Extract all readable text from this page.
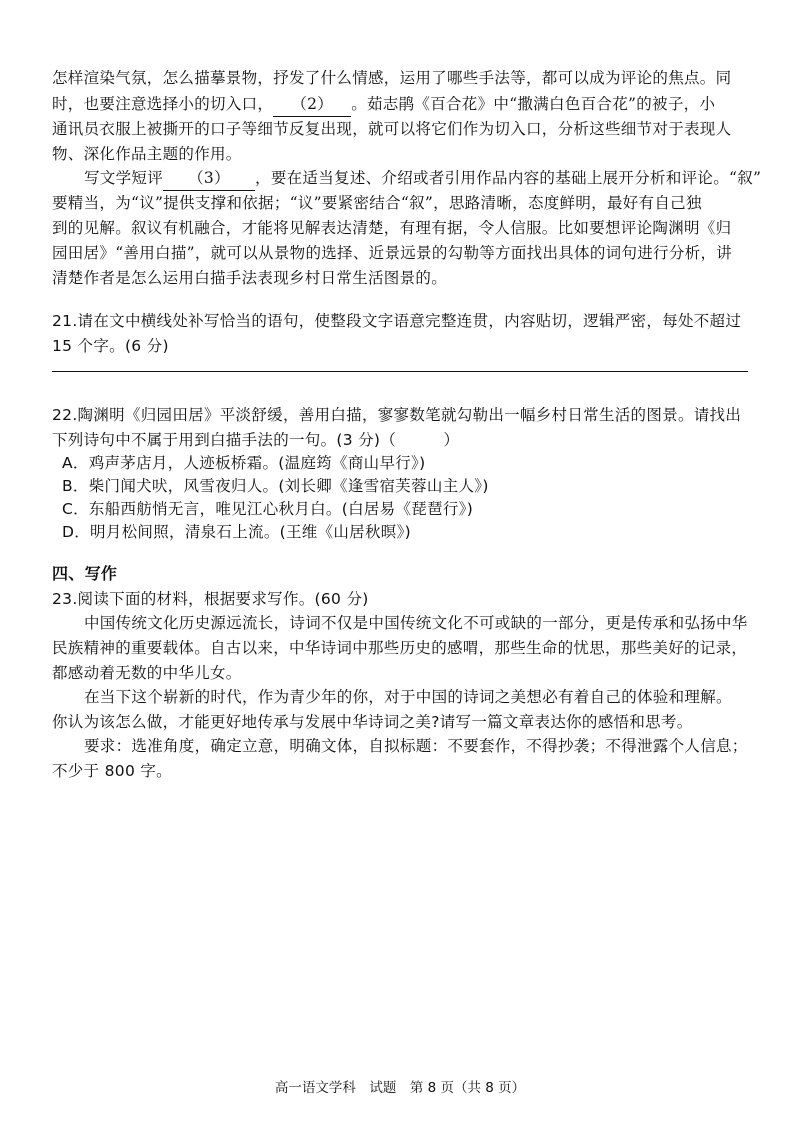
怎样渲染气氛，怎么描摹景物，抒发了什么情感，运用了哪些手法等，都可以成为评论的焦点。同
时，也要注意选择小的切入口， （2） 。茹志鹃《百合花》中“撒满白色百合花”的被子，小
通讯员衣服上被撕开的口子等细节反复出现，就可以将它们作为切入口，分析这些细节对于表现人
物、深化作品主题的作用。
写文学短评 （3） ，要在适当复述、介绍或者引用作品内容的基础上展开分析和评论。“叙”
要精当，为“议”提供支撑和依据；“议”要紧密结合“叙”，思路清晰，态度鲜明，最好有自己独
到的见解。叙议有机融合，才能将见解表达清楚，有理有据，令人信服。比如要想评论陶渊明《归
园田居》“善用白描”，就可以从景物的选择、近景远景的勾勒等方面找出具体的词句进行分析，讲
清楚作者是怎么运用白描手法表现乡村日常生活图景的。
21.请在文中横线处补写恰当的语句，使整段文字语意完整连贯，内容贴切，逻辑严密，每处不超过
15 个字。(6 分)
22.陶渊明《归园田居》平淡舒缓，善用白描，寥寥数笔就勾勒出一幅乡村日常生活的图景。请找出
下列诗句中不属于用到白描手法的一句。(3 分)（　　　）
A．鸡声茅店月，人迹板桥霜。(温庭筠《商山早行》)
B．柴门闻犬吠，风雪夜归人。(刘长卿《逢雪宿芙蓉山主人》)
C．东船西舫悄无言，唯见江心秋月白。(白居易《琵琶行》)
D．明月松间照，清泉石上流。(王维《山居秋暝》)
四、写作
23.阅读下面的材料，根据要求写作。(60 分)
中国传统文化历史源远流长，诗词不仅是中国传统文化不可或缺的一部分，更是传承和弘扬中华
民族精神的重要载体。自古以来，中华诗词中那些历史的感喟，那些生命的忧思，那些美好的记录，
都感动着无数的中华儿女。
在当下这个崭新的时代，作为青少年的你，对于中国的诗词之美想必有着自己的体验和理解。
你认为该怎么做，才能更好地传承与发展中华诗词之美?请写一篇文章表达你的感悟和思考。
要求：选准角度，确定立意，明确文体，自拟标题：不要套作，不得抄袭；不得泄露个人信息；
不少于 800 字。
高一语文学科　试题　第 8 页（共 8 页）
